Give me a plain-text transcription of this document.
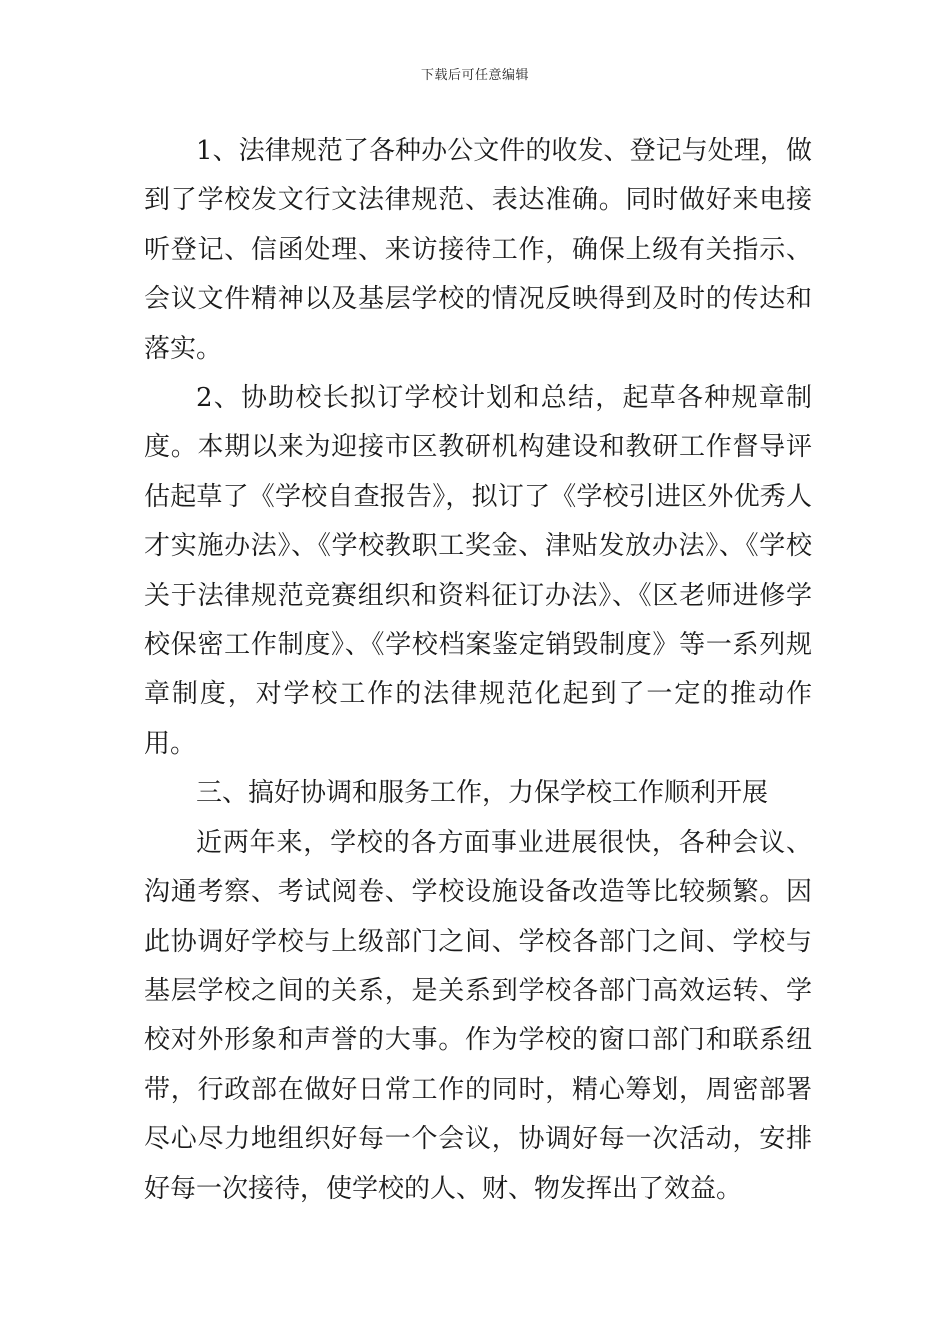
下载后可任意编辑

1、法律规范了各种办公文件的收发、登记与处理，做到了学校发文行文法律规范、表达准确。同时做好来电接听登记、信函处理、来访接待工作，确保上级有关指示、会议文件精神以及基层学校的情况反映得到及时的传达和落实。

2、协助校长拟订学校计划和总结，起草各种规章制度。本期以来为迎接市区教研机构建设和教研工作督导评估起草了《学校自查报告》，拟订了《学校引进区外优秀人才实施办法》、《学校教职工奖金、津贴发放办法》、《学校关于法律规范竞赛组织和资料征订办法》、《区老师进修学校保密工作制度》、《学校档案鉴定销毁制度》等一系列规章制度，对学校工作的法律规范化起到了一定的推动作用。

三、搞好协调和服务工作，力保学校工作顺利开展

近两年来，学校的各方面事业进展很快，各种会议、沟通考察、考试阅卷、学校设施设备改造等比较频繁。因此协调好学校与上级部门之间、学校各部门之间、学校与基层学校之间的关系，是关系到学校各部门高效运转、学校对外形象和声誉的大事。作为学校的窗口部门和联系纽带，行政部在做好日常工作的同时，精心筹划，周密部署尽心尽力地组织好每一个会议，协调好每一次活动，安排好每一次接待，使学校的人、财、物发挥出了效益。
